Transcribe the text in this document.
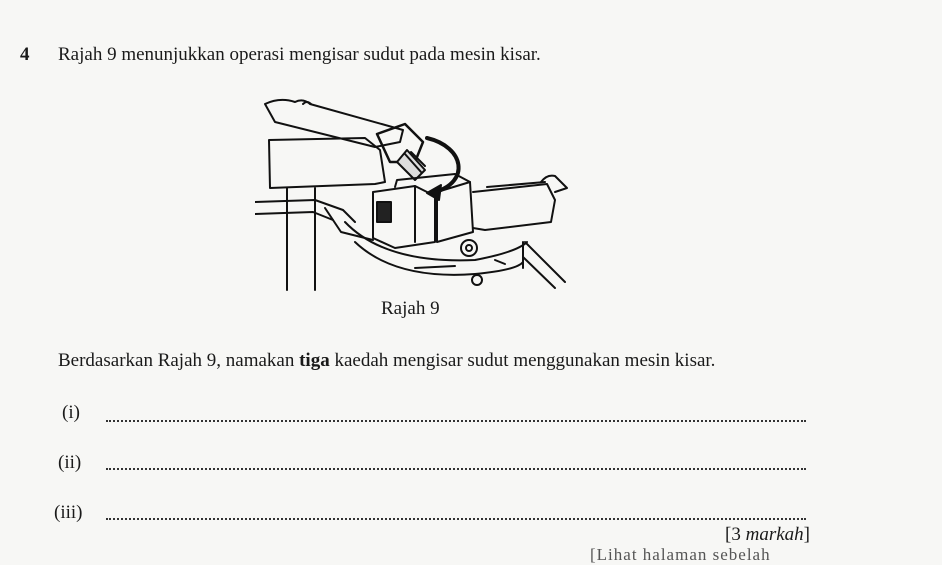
4 Rajah 9 menunjukkan operasi mengisar sudut pada mesin kisar.
Rajah 9
Berdasarkan Rajah 9, namakan tiga kaedah mengisar sudut menggunakan mesin kisar.
(i)
(ii)
(iii)
[3 markah]
[Lihat halaman sebelah
